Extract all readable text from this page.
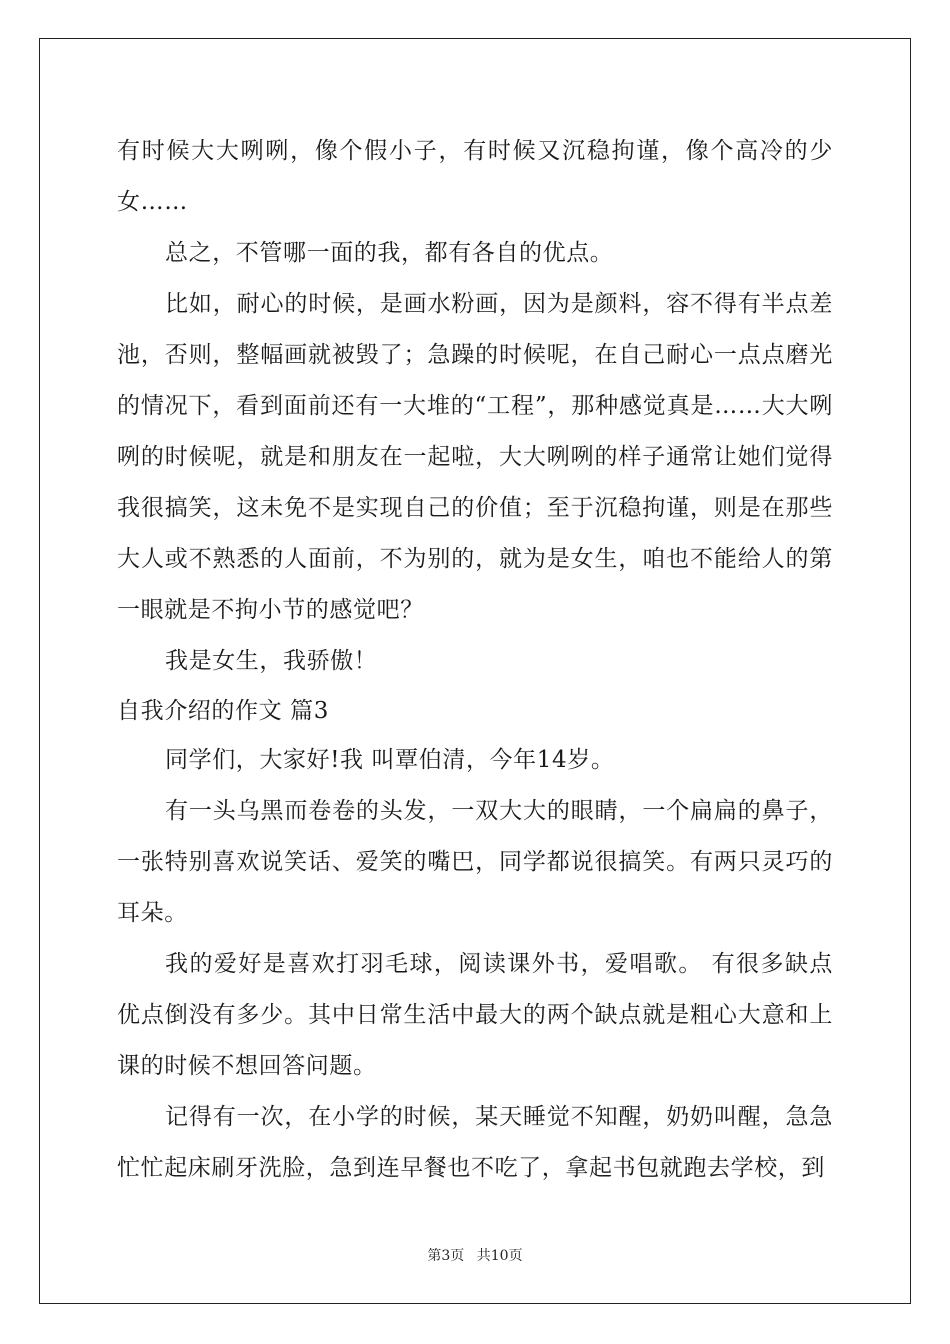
有时候大大咧咧，像个假小子，有时候又沉稳拘谨，像个高冷的少女……

总之，不管哪一面的我，都有各自的优点。

比如，耐心的时候，是画水粉画，因为是颜料，容不得有半点差池，否则，整幅画就被毁了；急躁的时候呢，在自己耐心一点点磨光的情况下，看到面前还有一大堆的“工程”，那种感觉真是……大大咧咧的时候呢，就是和朋友在一起啦，大大咧咧的样子通常让她们觉得我很搞笑，这未免不是实现自己的价值；至于沉稳拘谨，则是在那些大人或不熟悉的人面前，不为别的，就为是女生，咱也不能给人的第一眼就是不拘小节的感觉吧？

我是女生，我骄傲！

自我介绍的作文 篇3

同学们，大家好!我 叫覃伯清，今年14岁。

有一头乌黑而卷卷的头发，一双大大的眼睛，一个扁扁的鼻子，一张特别喜欢说笑话、爱笑的嘴巴，同学都说很搞笑。有两只灵巧的耳朵。

我的爱好是喜欢打羽毛球，阅读课外书，爱唱歌。 有很多缺点优点倒没有多少。其中日常生活中最大的两个缺点就是粗心大意和上课的时候不想回答问题。

记得有一次，在小学的时候，某天睡觉不知醒，奶奶叫醒，急急忙忙起床刷牙洗脸，急到连早餐也不吃了，拿起书包就跑去学校，到

第3页 共10页
